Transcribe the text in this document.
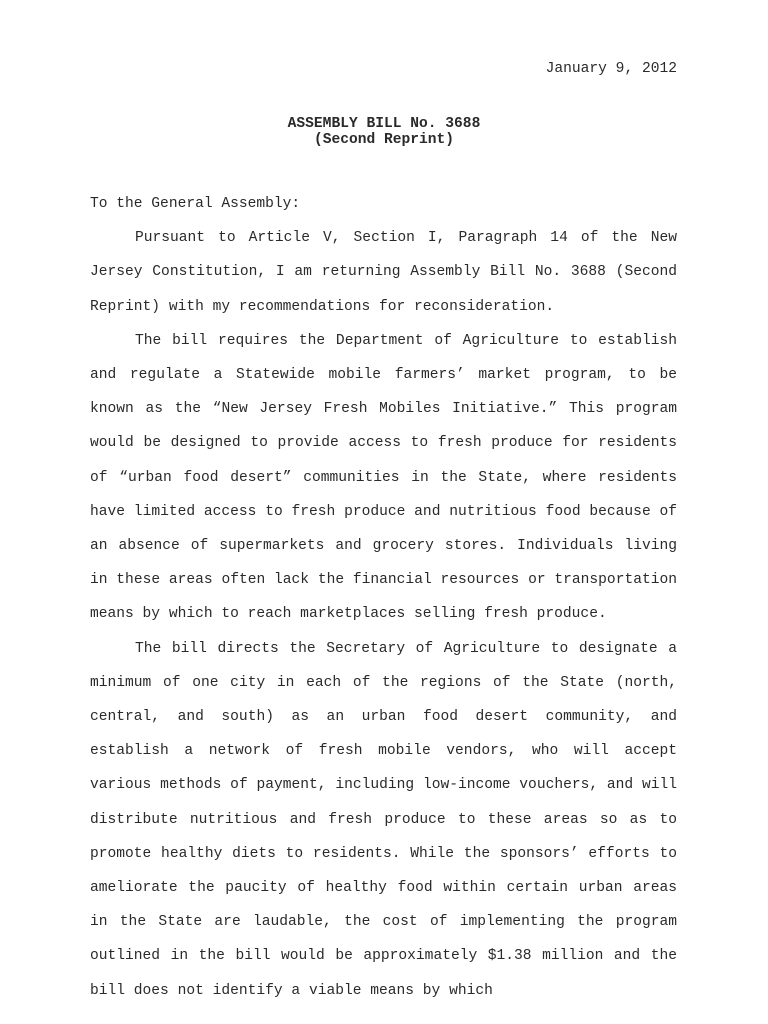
January 9, 2012
ASSEMBLY BILL No. 3688
(Second Reprint)

To the General Assembly:

Pursuant to Article V, Section I, Paragraph 14 of the New Jersey Constitution, I am returning Assembly Bill No. 3688 (Second Reprint) with my recommendations for reconsideration.

The bill requires the Department of Agriculture to establish and regulate a Statewide mobile farmers’ market program, to be known as the “New Jersey Fresh Mobiles Initiative.” This program would be designed to provide access to fresh produce for residents of “urban food desert” communities in the State, where residents have limited access to fresh produce and nutritious food because of an absence of supermarkets and grocery stores. Individuals living in these areas often lack the financial resources or transportation means by which to reach marketplaces selling fresh produce.

The bill directs the Secretary of Agriculture to designate a minimum of one city in each of the regions of the State (north, central, and south) as an urban food desert community, and establish a network of fresh mobile vendors, who will accept various methods of payment, including low-income vouchers, and will distribute nutritious and fresh produce to these areas so as to promote healthy diets to residents. While the sponsors’ efforts to ameliorate the paucity of healthy food within certain urban areas in the State are laudable, the cost of implementing the program outlined in the bill would be approximately $1.38 million and the bill does not identify a viable means by which
